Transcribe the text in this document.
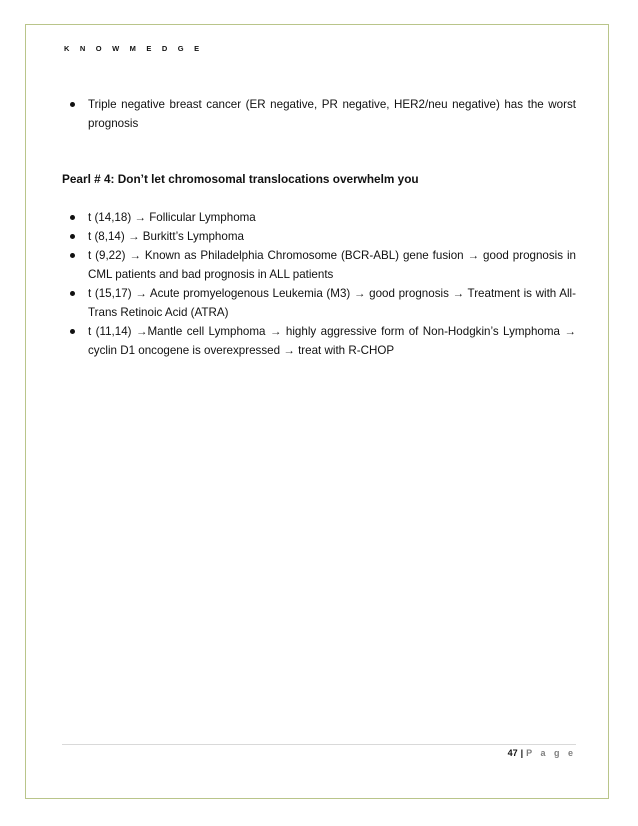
K N O W M E D G E
Triple negative breast cancer (ER negative, PR negative, HER2/neu negative) has the worst prognosis
Pearl # 4: Don’t let chromosomal translocations overwhelm you
t (14,18) → Follicular Lymphoma
t (8,14) → Burkitt’s Lymphoma
t (9,22) → Known as Philadelphia Chromosome (BCR-ABL) gene fusion → good prognosis in CML patients and bad prognosis in ALL patients
t (15,17) → Acute promyelogenous Leukemia (M3) → good prognosis → Treatment is with All-Trans Retinoic Acid (ATRA)
t (11,14) →Mantle cell Lymphoma → highly aggressive form of Non-Hodgkin’s Lymphoma → cyclin D1 oncogene is overexpressed → treat with R-CHOP
47 | P a g e
